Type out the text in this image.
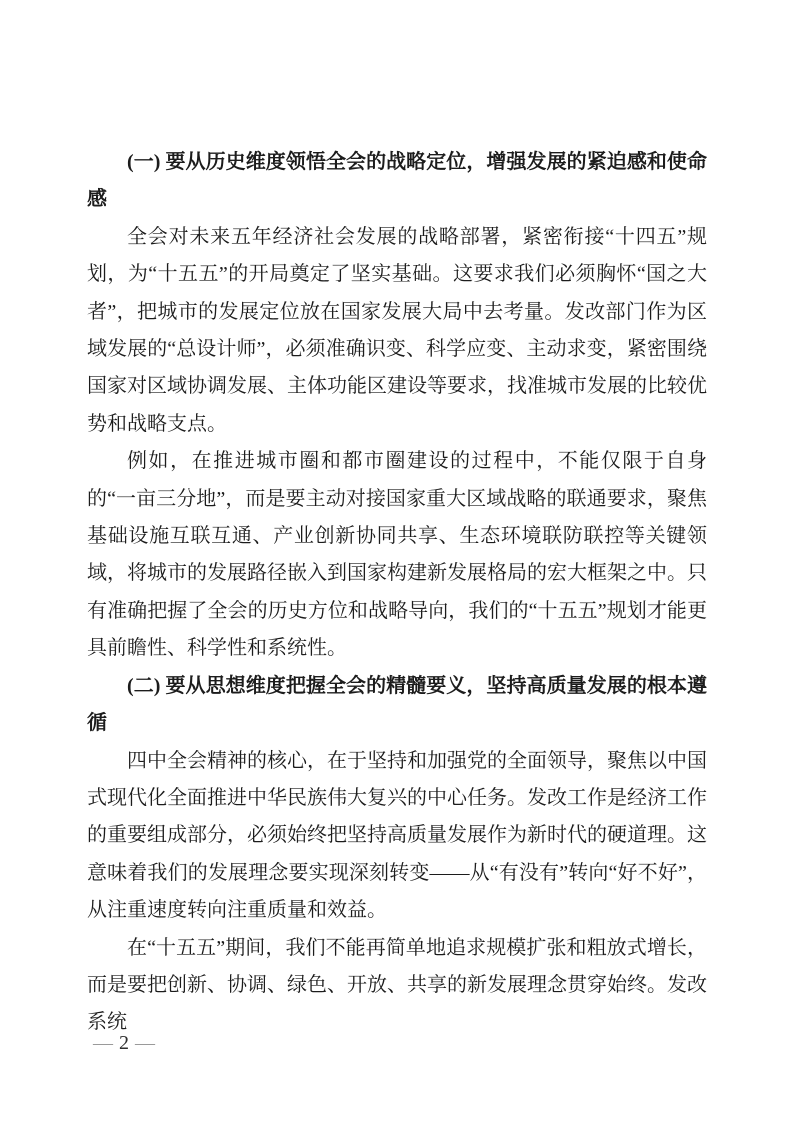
(一) 要从历史维度领悟全会的战略定位，增强发展的紧迫感和使命感

全会对未来五年经济社会发展的战略部署，紧密衔接“十四五”规划，为“十五五”的开局奠定了坚实基础。这要求我们必须胸怀“国之大者”，把城市的发展定位放在国家发展大局中去考量。发改部门作为区域发展的“总设计师”，必须准确识变、科学应变、主动求变，紧密围绕国家对区域协调发展、主体功能区建设等要求，找准城市发展的比较优势和战略支点。

例如，在推进城市圈和都市圈建设的过程中，不能仅限于自身的“一亩三分地”，而是要主动对接国家重大区域战略的联通要求，聚焦基础设施互联互通、产业创新协同共享、生态环境联防联控等关键领域，将城市的发展路径嵌入到国家构建新发展格局的宏大框架之中。只有准确把握了全会的历史方位和战略导向，我们的“十五五”规划才能更具前瞻性、科学性和系统性。

(二) 要从思想维度把握全会的精髓要义，坚持高质量发展的根本遵循

四中全会精神的核心，在于坚持和加强党的全面领导，聚焦以中国式现代化全面推进中华民族伟大复兴的中心任务。发改工作是经济工作的重要组成部分，必须始终把坚持高质量发展作为新时代的硬道理。这意味着我们的发展理念要实现深刻转变——从“有没有”转向“好不好”，从注重速度转向注重质量和效益。

在“十五五”期间，我们不能再简单地追求规模扩张和粗放式增长，而是要把创新、协调、绿色、开放、共享的新发展理念贯穿始终。发改系统

— 2 —
